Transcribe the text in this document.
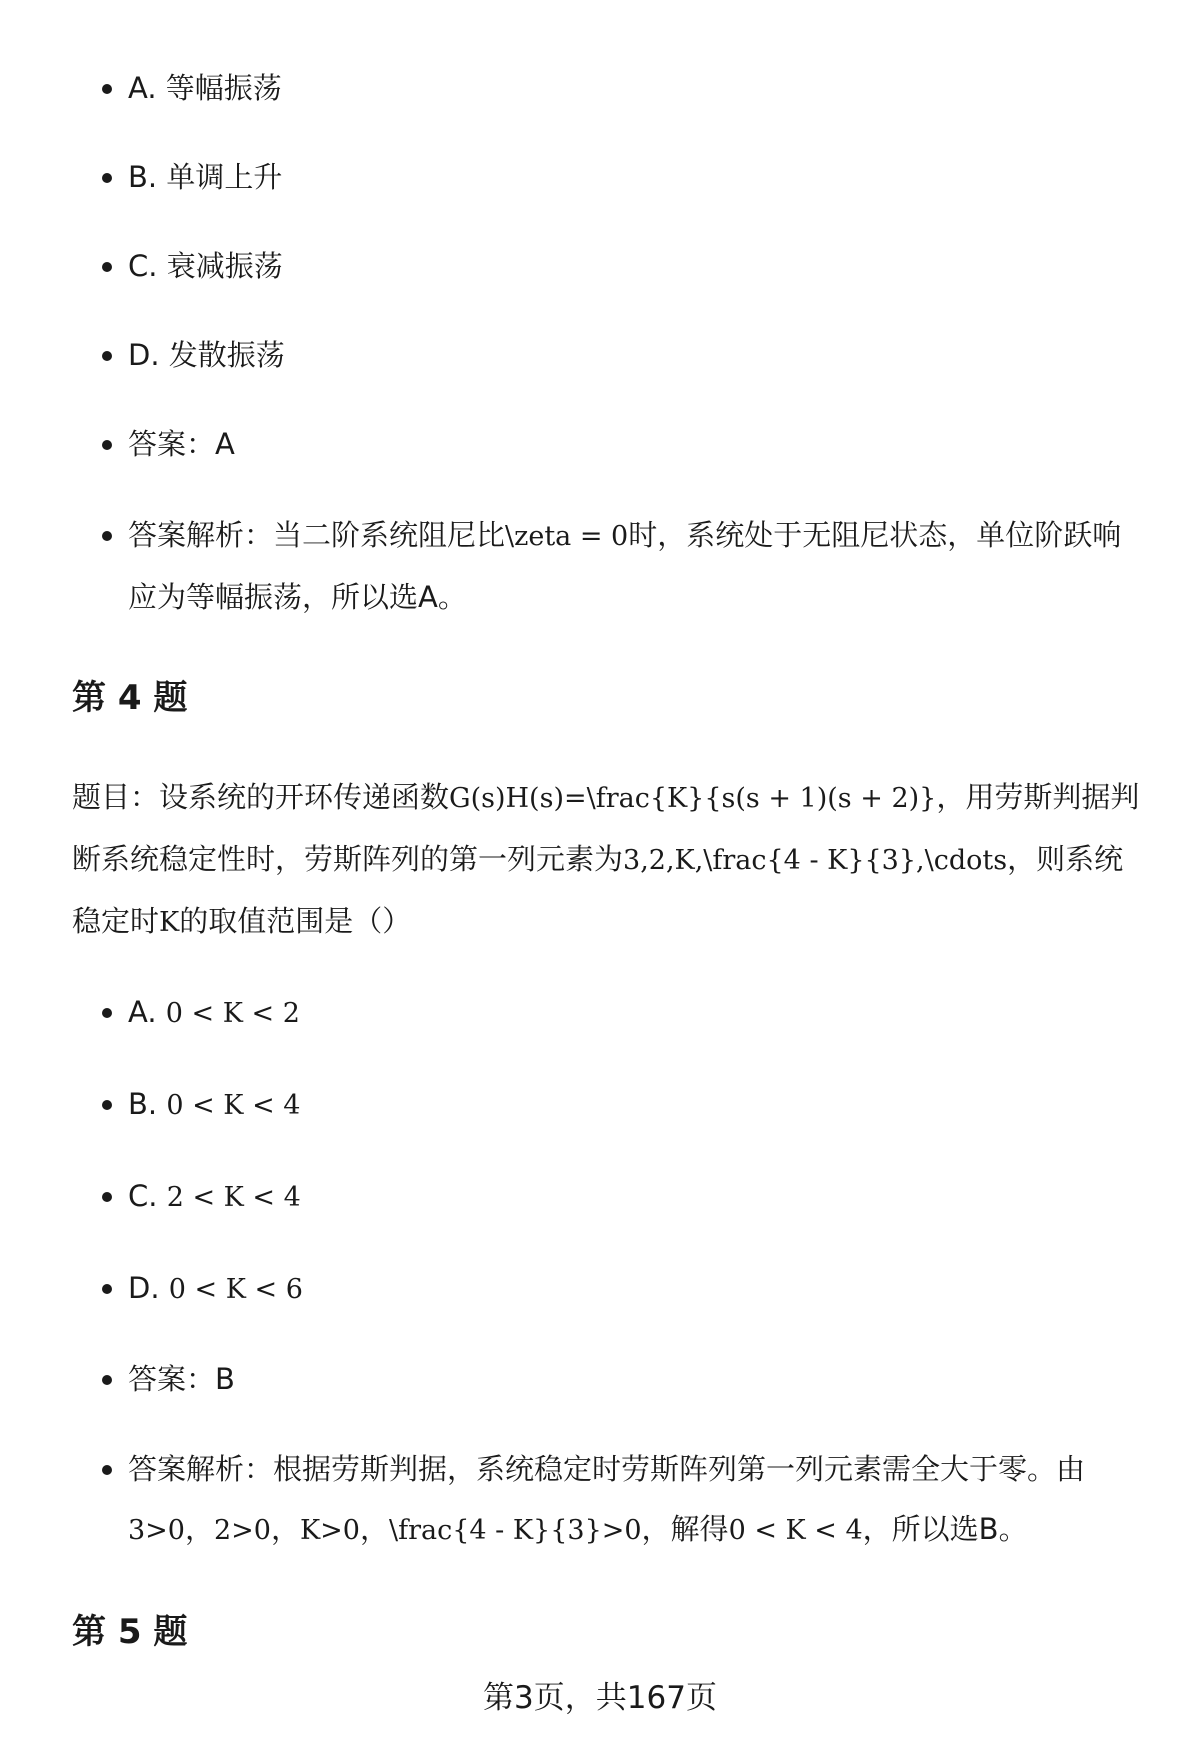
A. 等幅振荡
B. 单调上升
C. 衰减振荡
D. 发散振荡
答案：A
答案解析：当二阶系统阻尼比\zeta = 0时，系统处于无阻尼状态，单位阶跃响应为等幅振荡，所以选A。
第 4 题
题目：设系统的开环传递函数G(s)H(s)=\frac{K}{s(s + 1)(s + 2)}，用劳斯判据判断系统稳定性时，劳斯阵列的第一列元素为3,2,K,\frac{4 - K}{3},\cdots，则系统稳定时K的取值范围是（）
A. 0 < K < 2
B. 0 < K < 4
C. 2 < K < 4
D. 0 < K < 6
答案：B
答案解析：根据劳斯判据，系统稳定时劳斯阵列第一列元素需全大于零。由3>0，2>0，K>0，\frac{4 - K}{3}>0，解得0 < K < 4，所以选B。
第 5 题
第3页，共167页
